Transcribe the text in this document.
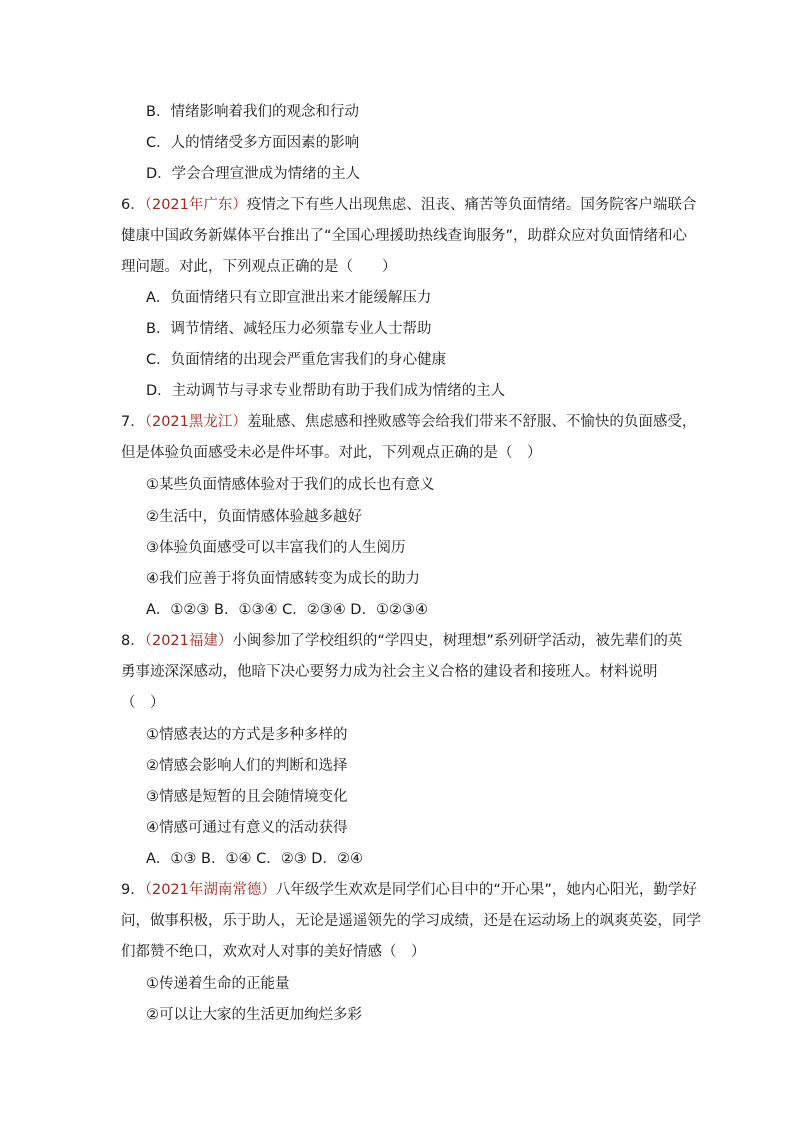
B．情绪影响着我们的观念和行动
C．人的情绪受多方面因素的影响
D．学会合理宣泄成为情绪的主人
6．（2021年广东）疫情之下有些人出现焦虑、沮丧、痛苦等负面情绪。国务院客户端联合
健康中国政务新媒体平台推出了“全国心理援助热线查询服务”，助群众应对负面情绪和心
理问题。对此，下列观点正确的是（　　）
A．负面情绪只有立即宣泄出来才能缓解压力
B．调节情绪、减轻压力必须靠专业人士帮助
C．负面情绪的出现会严重危害我们的身心健康
D．主动调节与寻求专业帮助有助于我们成为情绪的主人
7．（2021黑龙江）羞耻感、焦虑感和挫败感等会给我们带来不舒服、不愉快的负面感受，
但是体验负面感受未必是件坏事。对此，下列观点正确的是（　）
①某些负面情感体验对于我们的成长也有意义
②生活中，负面情感体验越多越好
③体验负面感受可以丰富我们的人生阅历
④我们应善于将负面情感转变为成长的助力
A．①②③ B．①③④ C．②③④ D．①②③④
8．（2021福建）小闽参加了学校组织的“学四史，树理想”系列研学活动，被先辈们的英
勇事迹深深感动，他暗下决心要努力成为社会主义合格的建设者和接班人。材料说明
（　）
①情感表达的方式是多种多样的
②情感会影响人们的判断和选择
③情感是短暂的且会随情境变化
④情感可通过有意义的活动获得
A．①③ B．①④ C．②③ D．②④
9．（2021年湖南常德）八年级学生欢欢是同学们心目中的“开心果”，她内心阳光，勤学好
问，做事积极，乐于助人，无论是遥遥领先的学习成绩，还是在运动场上的飒爽英姿，同学
们都赞不绝口，欢欢对人对事的美好情感（　）
①传递着生命的正能量
②可以让大家的生活更加绚烂多彩
